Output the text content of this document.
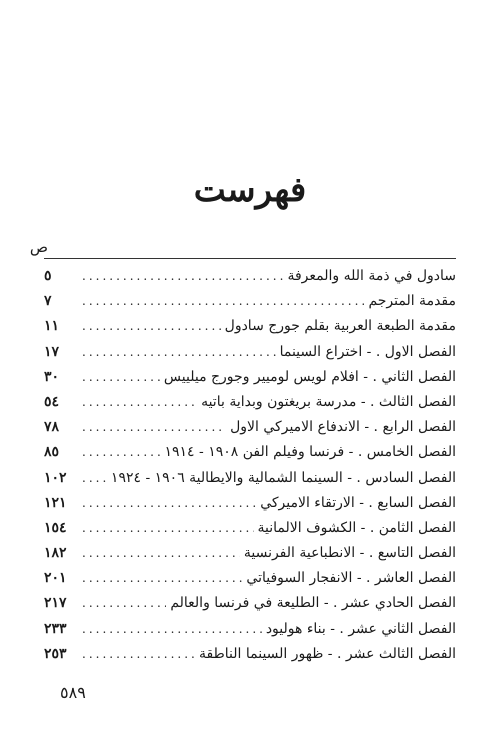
فهرست
ص
سادول في ذمة الله والمعرفة
.....
٥
مقدمة المترجم
.....
٧
مقدمة الطبعة العربية بقلم جورج سادول
.....
١١
الفصل الاول . - اختراع السينما
.....
١٧
الفصل الثاني . - افلام لويس لوميير وجورج ميلييس
.....
٣٠
الفصل الثالث . - مدرسة بريغتون وبداية باتيه
.....
٥٤
الفصل الرابع . - الاندفاع الاميركي الاول
.....
٧٨
الفصل الخامس . - فرنسا وفيلم الفن ١٩٠٨ - ١٩١٤
.....
٨٥
الفصل السادس . - السينما الشمالية والايطالية ١٩٠٦ - ١٩٢٤
.....
١٠٢
الفصل السابع . - الارتقاء الاميركي
.....
١٢١
الفصل الثامن . - الكشوف الالمانية
.....
١٥٤
الفصل التاسع . - الانطباعية الفرنسية
.....
١٨٢
الفصل العاشر . - الانفجار السوفياتي
.....
٢٠١
الفصل الحادي عشر . - الطليعة في فرنسا والعالم
.....
٢١٧
الفصل الثاني عشر . - بناء هوليود
.....
٢٣٣
الفصل الثالث عشر . - ظهور السينما الناطقة
.....
٢٥٣
٥٨٩
